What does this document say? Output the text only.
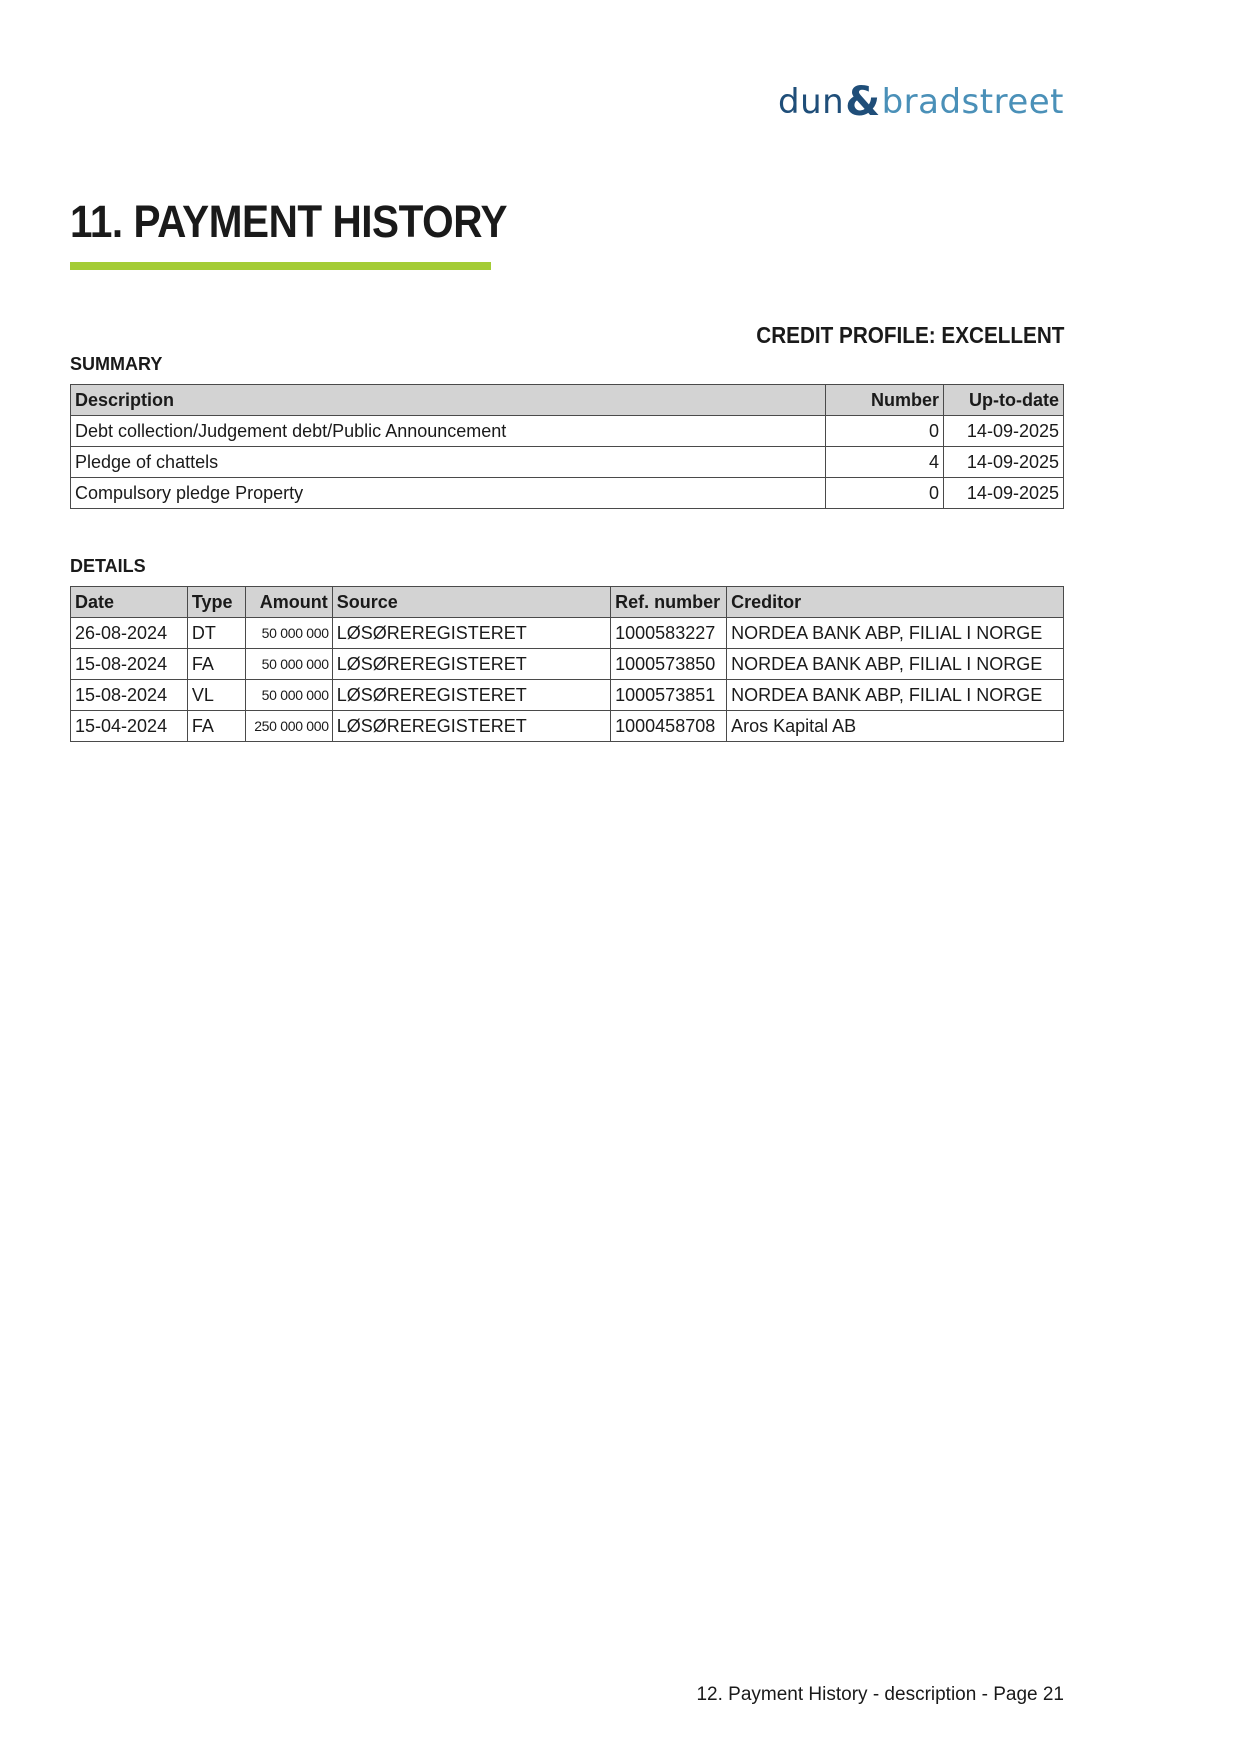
dun&bradstreet
11. PAYMENT HISTORY
CREDIT PROFILE: EXCELLENT
SUMMARY
Description	Number	Up-to-date
Debt collection/Judgement debt/Public Announcement	0	14-09-2025
Pledge of chattels	4	14-09-2025
Compulsory pledge Property	0	14-09-2025
DETAILS
Date	Type	Amount	Source	Ref. number	Creditor
26-08-2024	DT	50 000 000	LØSØREREGISTERET	1000583227	NORDEA BANK ABP, FILIAL I NORGE
15-08-2024	FA	50 000 000	LØSØREREGISTERET	1000573850	NORDEA BANK ABP, FILIAL I NORGE
15-08-2024	VL	50 000 000	LØSØREREGISTERET	1000573851	NORDEA BANK ABP, FILIAL I NORGE
15-04-2024	FA	250 000 000	LØSØREREGISTERET	1000458708	Aros Kapital AB
12. Payment History - description - Page 21
